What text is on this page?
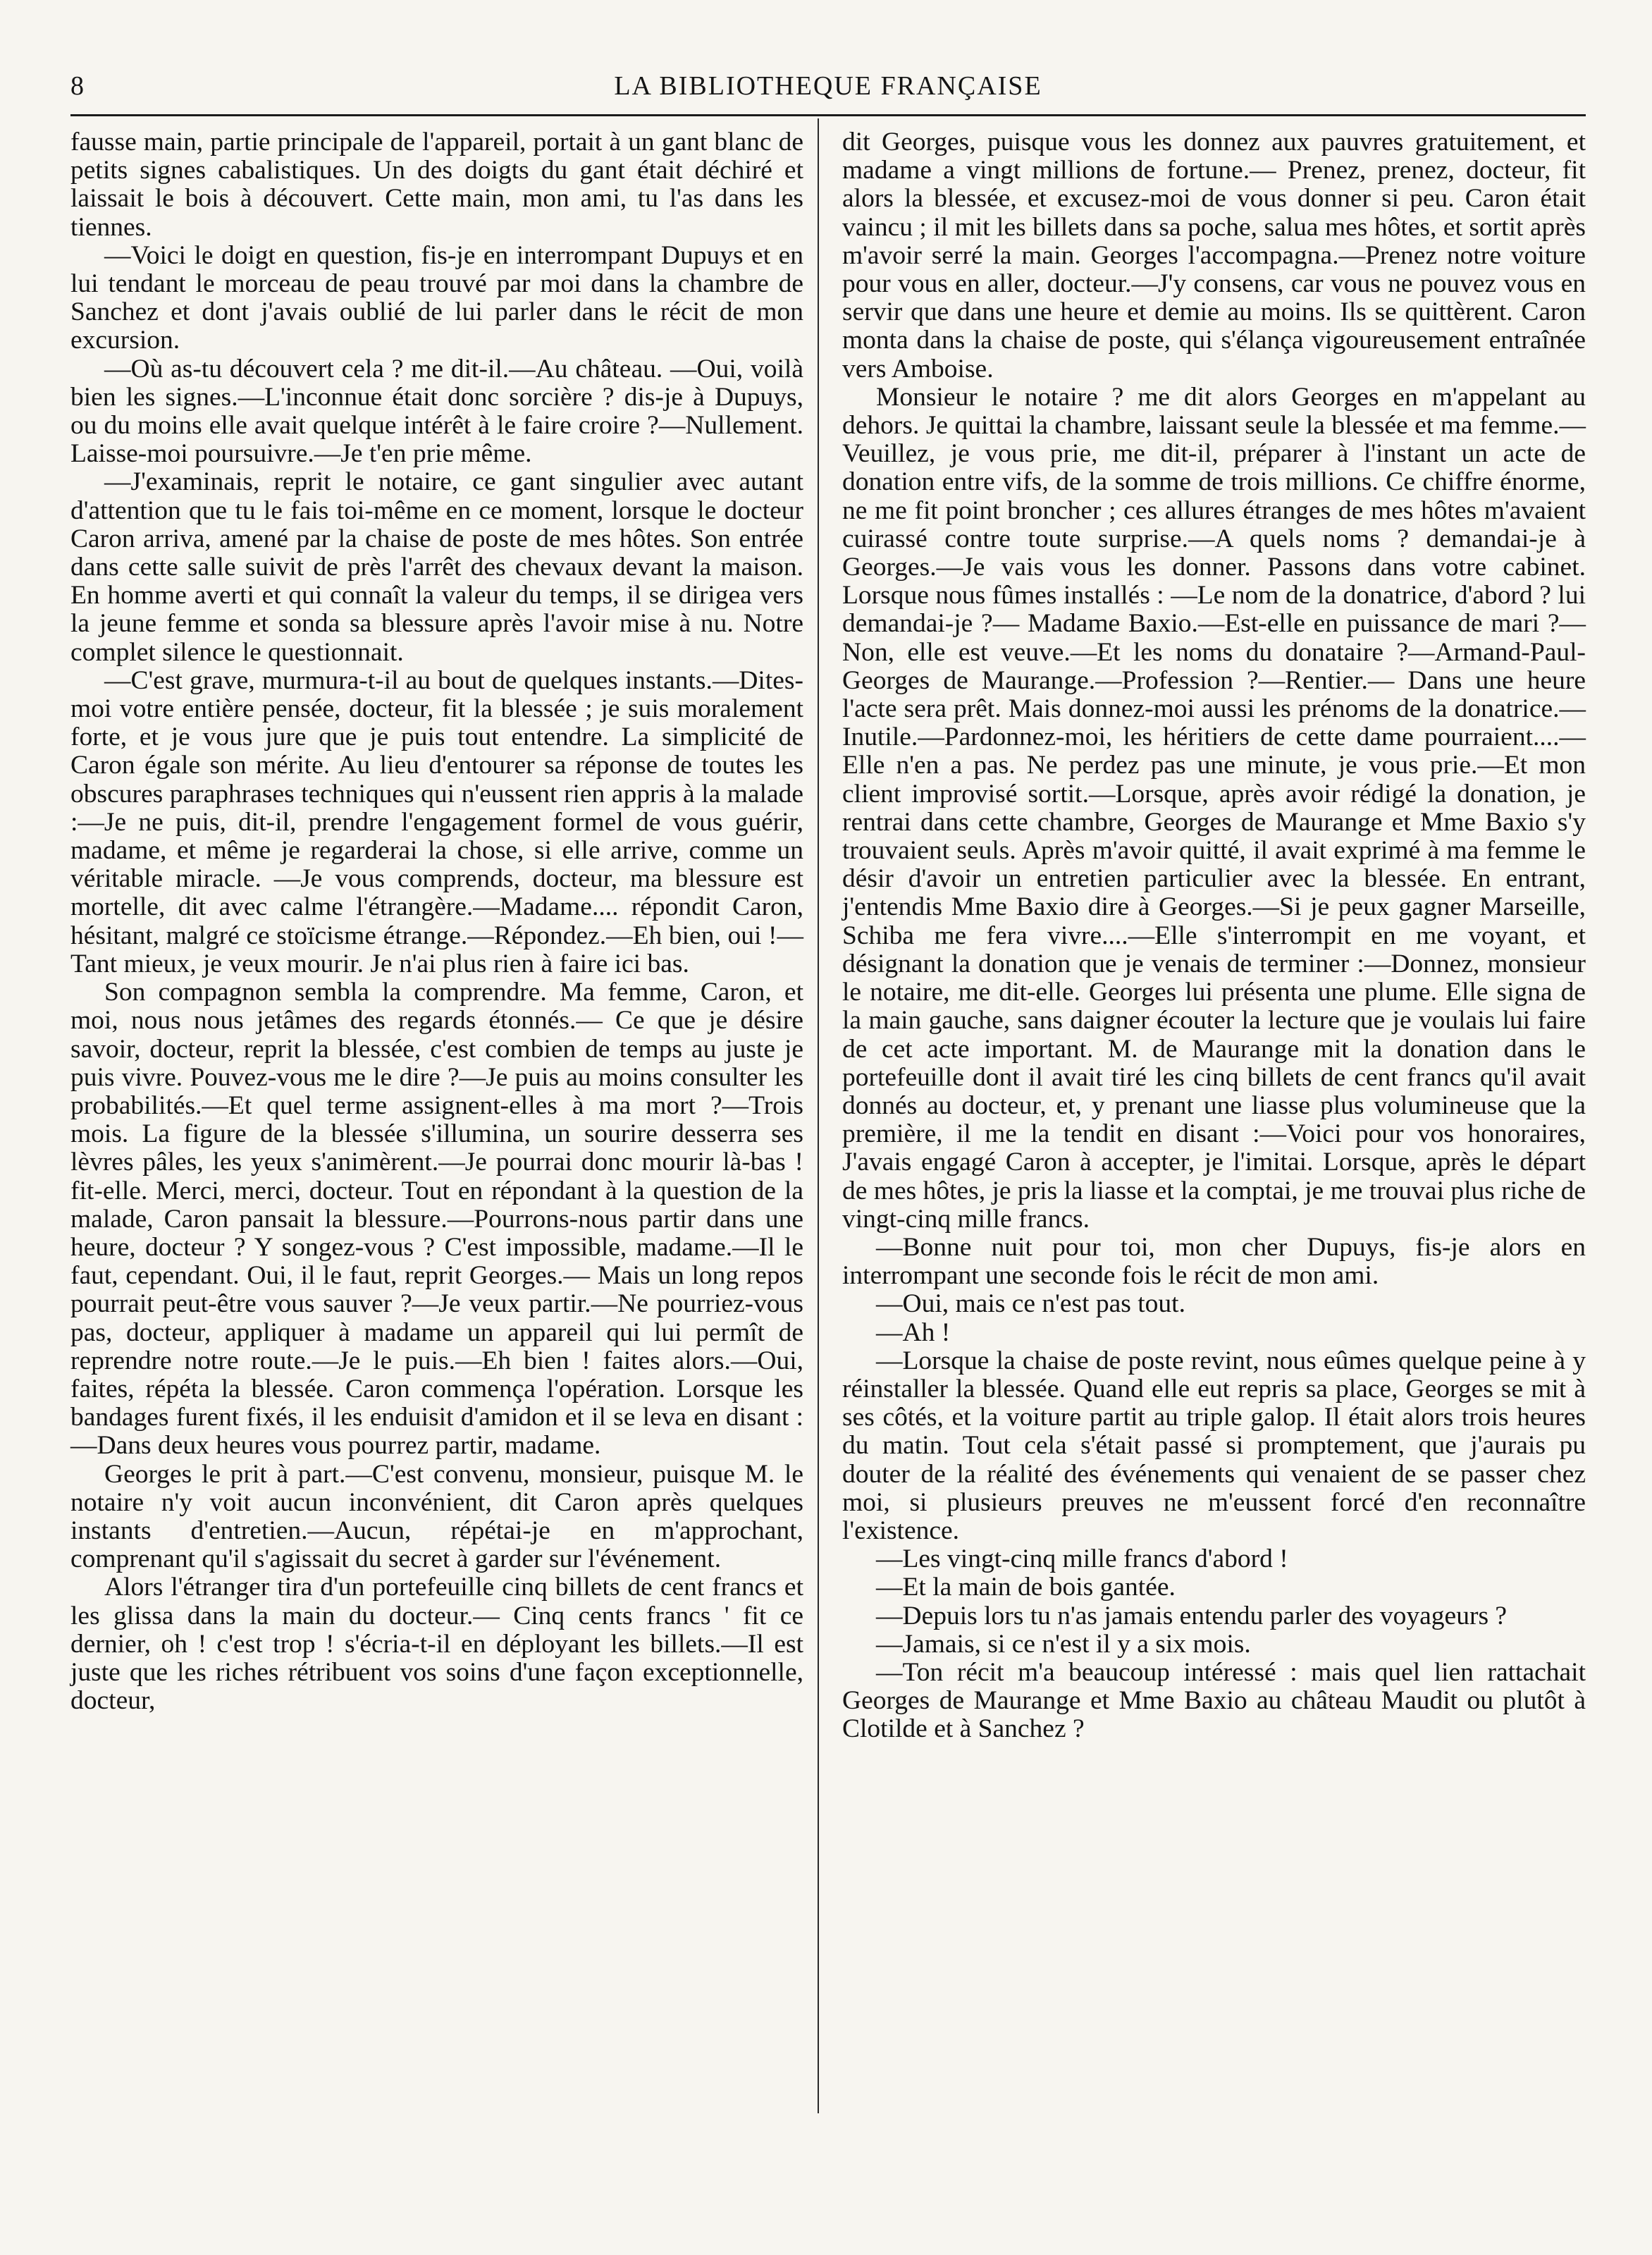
8	LA BIBLIOTHEQUE FRANÇAISE

fausse main, partie principale de l'appareil, portait à un gant blanc de petits signes cabalistiques. Un des doigts du gant était déchiré et laissait le bois à découvert. Cette main, mon ami, tu l'as dans les tiennes.

—Voici le doigt en question, fis-je en interrompant Dupuys et en lui tendant le morceau de peau trouvé par moi dans la chambre de Sanchez et dont j'avais oublié de lui parler dans le récit de mon excursion.

—Où as-tu découvert cela ? me dit-il.—Au château. —Oui, voilà bien les signes.—L'inconnue était donc sorcière ? dis-je à Dupuys, ou du moins elle avait quelque intérêt à le faire croire ?—Nullement. Laisse-moi poursuivre.—Je t'en prie même.

—J'examinais, reprit le notaire, ce gant singulier avec autant d'attention que tu le fais toi-même en ce moment, lorsque le docteur Caron arriva, amené par la chaise de poste de mes hôtes. Son entrée dans cette salle suivit de près l'arrêt des chevaux devant la maison. En homme averti et qui connaît la valeur du temps, il se dirigea vers la jeune femme et sonda sa blessure après l'avoir mise à nu. Notre complet silence le questionnait.

—C'est grave, murmura-t-il au bout de quelques instants.—Dites-moi votre entière pensée, docteur, fit la blessée ; je suis moralement forte, et je vous jure que je puis tout entendre. La simplicité de Caron égale son mérite. Au lieu d'entourer sa réponse de toutes les obscures paraphrases techniques qui n'eussent rien appris à la malade :—Je ne puis, dit-il, prendre l'engagement formel de vous guérir, madame, et même je regarderai la chose, si elle arrive, comme un véritable miracle. —Je vous comprends, docteur, ma blessure est mortelle, dit avec calme l'étrangère.—Madame.... répondit Caron, hésitant, malgré ce stoïcisme étrange.—Répondez.—Eh bien, oui !—Tant mieux, je veux mourir. Je n'ai plus rien à faire ici bas.

Son compagnon sembla la comprendre. Ma femme, Caron, et moi, nous nous jetâmes des regards étonnés.— Ce que je désire savoir, docteur, reprit la blessée, c'est combien de temps au juste je puis vivre. Pouvez-vous me le dire ?—Je puis au moins consulter les probabilités.—Et quel terme assignent-elles à ma mort ?—Trois mois. La figure de la blessée s'illumina, un sourire desserra ses lèvres pâles, les yeux s'animèrent.—Je pourrai donc mourir là-bas ! fit-elle. Merci, merci, docteur. Tout en répondant à la question de la malade, Caron pansait la blessure.—Pourrons-nous partir dans une heure, docteur ? Y songez-vous ? C'est impossible, madame.—Il le faut, cependant. Oui, il le faut, reprit Georges.— Mais un long repos pourrait peut-être vous sauver ?—Je veux partir.—Ne pourriez-vous pas, docteur, appliquer à madame un appareil qui lui permît de reprendre notre route.—Je le puis.—Eh bien ! faites alors.—Oui, faites, répéta la blessée. Caron commença l'opération. Lorsque les bandages furent fixés, il les enduisit d'amidon et il se leva en disant :—Dans deux heures vous pourrez partir, madame.

Georges le prit à part.—C'est convenu, monsieur, puisque M. le notaire n'y voit aucun inconvénient, dit Caron après quelques instants d'entretien.—Aucun, répétai-je en m'approchant, comprenant qu'il s'agissait du secret à garder sur l'événement.

Alors l'étranger tira d'un portefeuille cinq billets de cent francs et les glissa dans la main du docteur.— Cinq cents francs ' fit ce dernier, oh ! c'est trop ! s'écria-t-il en déployant les billets.—Il est juste que les riches rétribuent vos soins d'une façon exceptionnelle, docteur,

dit Georges, puisque vous les donnez aux pauvres gratuitement, et madame a vingt millions de fortune.— Prenez, prenez, docteur, fit alors la blessée, et excusez-moi de vous donner si peu. Caron était vaincu ; il mit les billets dans sa poche, salua mes hôtes, et sortit après m'avoir serré la main. Georges l'accompagna.—Prenez notre voiture pour vous en aller, docteur.—J'y consens, car vous ne pouvez vous en servir que dans une heure et demie au moins. Ils se quittèrent. Caron monta dans la chaise de poste, qui s'élança vigoureusement entraînée vers Amboise.

Monsieur le notaire ? me dit alors Georges en m'appelant au dehors. Je quittai la chambre, laissant seule la blessée et ma femme.—Veuillez, je vous prie, me dit-il, préparer à l'instant un acte de donation entre vifs, de la somme de trois millions. Ce chiffre énorme, ne me fit point broncher ; ces allures étranges de mes hôtes m'avaient cuirassé contre toute surprise.—A quels noms ? demandai-je à Georges.—Je vais vous les donner. Passons dans votre cabinet. Lorsque nous fûmes installés : —Le nom de la donatrice, d'abord ? lui demandai-je ?— Madame Baxio.—Est-elle en puissance de mari ?—Non, elle est veuve.—Et les noms du donataire ?—Armand-Paul-Georges de Maurange.—Profession ?—Rentier.— Dans une heure l'acte sera prêt. Mais donnez-moi aussi les prénoms de la donatrice.—Inutile.—Pardonnez-moi, les héritiers de cette dame pourraient....—Elle n'en a pas. Ne perdez pas une minute, je vous prie.—Et mon client improvisé sortit.—Lorsque, après avoir rédigé la donation, je rentrai dans cette chambre, Georges de Maurange et Mme Baxio s'y trouvaient seuls. Après m'avoir quitté, il avait exprimé à ma femme le désir d'avoir un entretien particulier avec la blessée. En entrant, j'entendis Mme Baxio dire à Georges.—Si je peux gagner Marseille, Schiba me fera vivre....—Elle s'interrompit en me voyant, et désignant la donation que je venais de terminer :—Donnez, monsieur le notaire, me dit-elle. Georges lui présenta une plume. Elle signa de la main gauche, sans daigner écouter la lecture que je voulais lui faire de cet acte important. M. de Maurange mit la donation dans le portefeuille dont il avait tiré les cinq billets de cent francs qu'il avait donnés au docteur, et, y prenant une liasse plus volumineuse que la première, il me la tendit en disant :—Voici pour vos honoraires, J'avais engagé Caron à accepter, je l'imitai. Lorsque, après le départ de mes hôtes, je pris la liasse et la comptai, je me trouvai plus riche de vingt-cinq mille francs.

—Bonne nuit pour toi, mon cher Dupuys, fis-je alors en interrompant une seconde fois le récit de mon ami.

—Oui, mais ce n'est pas tout.

—Ah !

—Lorsque la chaise de poste revint, nous eûmes quelque peine à y réinstaller la blessée. Quand elle eut repris sa place, Georges se mit à ses côtés, et la voiture partit au triple galop. Il était alors trois heures du matin. Tout cela s'était passé si promptement, que j'aurais pu douter de la réalité des événements qui venaient de se passer chez moi, si plusieurs preuves ne m'eussent forcé d'en reconnaître l'existence.

—Les vingt-cinq mille francs d'abord !

—Et la main de bois gantée.

—Depuis lors tu n'as jamais entendu parler des voyageurs ?

—Jamais, si ce n'est il y a six mois.

—Ton récit m'a beaucoup intéressé : mais quel lien rattachait Georges de Maurange et Mme Baxio au château Maudit ou plutôt à Clotilde et à Sanchez ?
